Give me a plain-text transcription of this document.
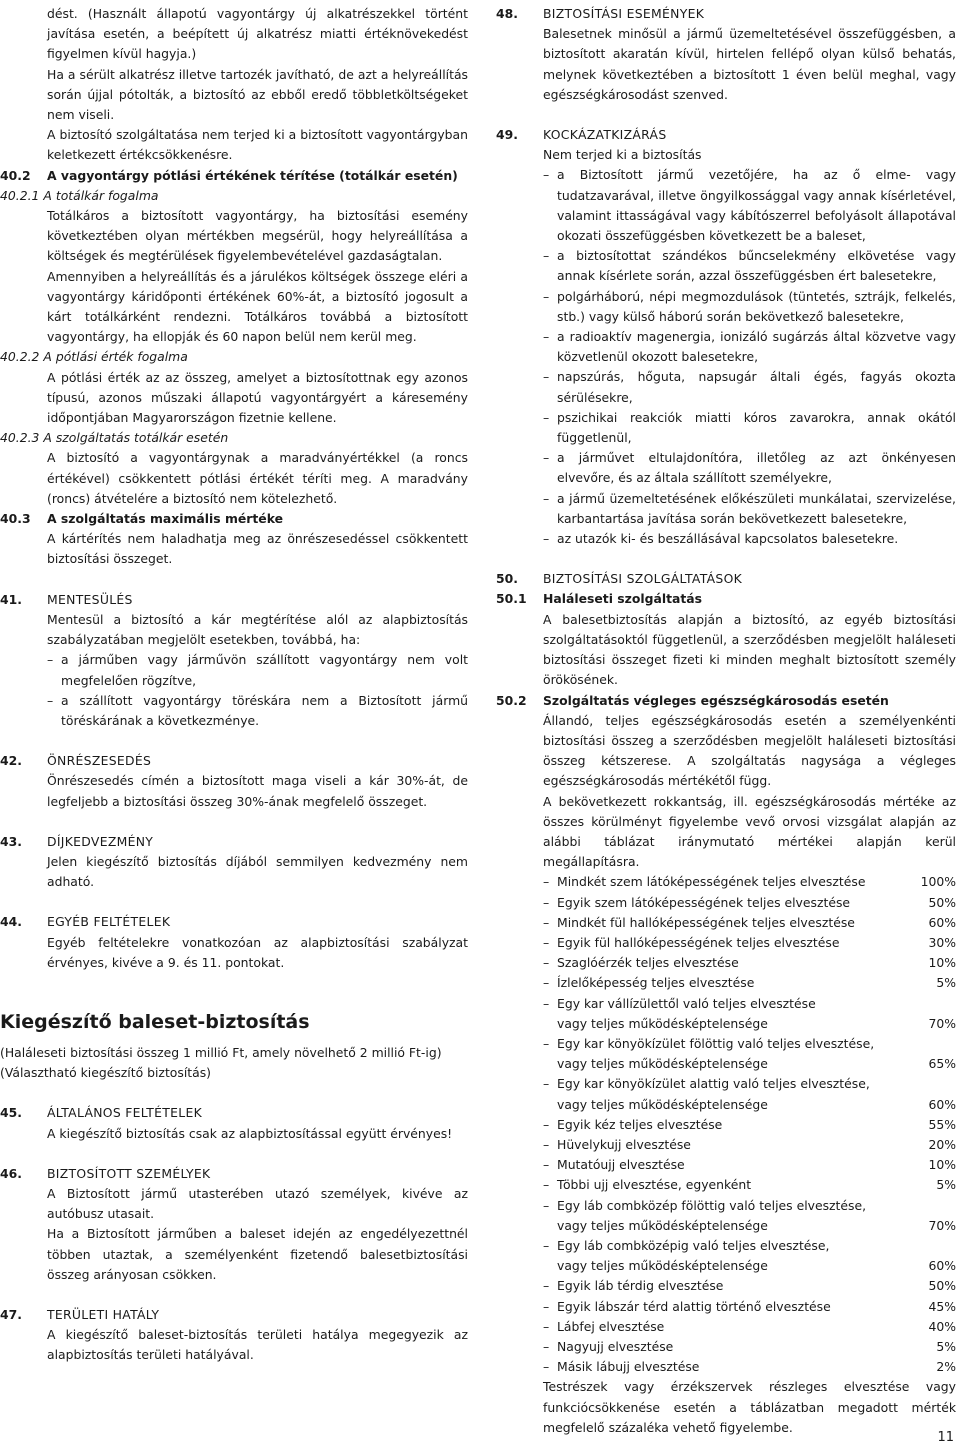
dést. (Használt állapotú vagyontárgy új alkatrészekkel történt javítása esetén, a beépített új alkatrész miatti értéknövekedést figyelmen kívül hagyja.)

Ha a sérült alkatrész illetve tartozék javítható, de azt a helyreállítás során újjal pótolták, a biztosító az ebből eredő többletköltségeket nem viseli.

A biztosító szolgáltatása nem terjed ki a biztosított vagyontárgyban keletkezett értékcsökkenésre.

40.2	A vagyontárgy pótlási értékének térítése (totálkár esetén)
40.2.1 A totálkár fogalma

Totálkáros a biztosított vagyontárgy, ha biztosítási esemény következtében olyan mértékben megsérül, hogy helyreállítása a költségek és megtérülések figyelembevételével gazdaságtalan.

Amennyiben a helyreállítás és a járulékos költségek összege eléri a vagyontárgy káridőponti értékének 60%-át, a biztosító jogosult a kárt totálkárként rendezni. Totálkáros továbbá a biztosított vagyontárgy, ha ellopják és 60 napon belül nem kerül meg.

40.2.2 A pótlási érték fogalma

A pótlási érték az az összeg, amelyet a biztosítottnak egy azonos típusú, azonos műszaki állapotú vagyontárgyért a káresemény időpontjában Magyarországon fizetnie kellene.

40.2.3 A szolgáltatás totálkár esetén

A biztosító a vagyontárgynak a maradványértékkel (a roncs értékével) csökkentett pótlási értékét téríti meg. A maradvány (roncs) átvételére a biztosító nem kötelezhető.

40.3	A szolgáltatás maximális mértéke

A kártérítés nem haladhatja meg az önrészesedéssel csökkentett biztosítási összeget.

41.	MENTESÜLÉS

Mentesül a biztosító a kár megtérítése alól az alapbiztosítás szabályzatában megjelölt esetekben, továbbá, ha:

– a járműben vagy járművön szállított vagyontárgy nem volt megfelelően rögzítve,
– a szállított vagyontárgy töréskára nem a Biztosított jármű töréskárának a következménye.
42.	ÖNRÉSZESEDÉS

Önrészesedés címén a biztosított maga viseli a kár 30%-át, de legfeljebb a biztosítási összeg 30%-ának megfelelő összeget.

43.	DÍJKEDVEZMÉNY

Jelen kiegészítő biztosítás díjából semmilyen kedvezmény nem adható.

44.	EGYÉB FELTÉTELEK

Egyéb feltételekre vonatkozóan az alapbiztosítási szabályzat érvényes, kivéve a 9. és 11. pontokat.

Kiegészítő baleset-biztosítás

(Haláleseti biztosítási összeg 1 millió Ft, amely növelhető 2 millió Ft-ig)

(Választható kiegészítő biztosítás)

45.	ÁLTALÁNOS FELTÉTELEK

A kiegészítő biztosítás csak az alapbiztosítással együtt érvényes!

46.	BIZTOSÍTOTT SZEMÉLYEK

A Biztosított jármű utasterében utazó személyek, kivéve az autóbusz utasait.

Ha a Biztosított járműben a baleset idején az engedélyezettnél többen utaztak, a személyenként fizetendő balesetbiztosítási összeg arányosan csökken.

47.	TERÜLETI HATÁLY

A kiegészítő baleset-biztosítás területi hatálya megegyezik az alapbiztosítás területi hatályával.

48.	BIZTOSÍTÁSI ESEMÉNYEK

Balesetnek minősül a jármű üzemeltetésével összefüggésben, a biztosított akaratán kívül, hirtelen fellépő olyan külső behatás, melynek következtében a biztosított 1 éven belül meghal, vagy egészségkárosodást szenved.

49.	KOCKÁZATKIZÁRÁS

Nem terjed ki a biztosítás

– a Biztosított jármű vezetőjére, ha az ő elme- vagy tudatzavarával, illetve öngyilkossággal vagy annak kísérletével, valamint ittasságával vagy kábítószerrel befolyásolt állapotával okozati összefüggésben következett be a baleset,
– a biztosítottat szándékos bűncselekmény elkövetése vagy annak kísérlete során, azzal összefüggésben ért balesetekre,
– polgárháború, népi megmozdulások (tüntetés, sztrájk, felkelés, stb.) vagy külső háború során bekövetkező balesetekre,
– a radioaktív magenergia, ionizáló sugárzás által közvetve vagy közvetlenül okozott balesetekre,
– napszúrás, hőguta, napsugár általi égés, fagyás okozta sérülésekre,
– pszichikai reakciók miatti kóros zavarokra, annak okától függetlenül,
– a járművet eltulajdonítóra, illetőleg az azt önkényesen elvevőre, és az általa szállított személyekre,
– a jármű üzemeltetésének előkészületi munkálatai, szervizelése, karbantartása javítása során bekövetkezett balesetekre,
– az utazók ki- és beszállásával kapcsolatos balesetekre.
50.	BIZTOSÍTÁSI SZOLGÁLTATÁSOK
50.1	Haláleseti szolgáltatás

A balesetbiztosítás alapján a biztosító, az egyéb biztosítási szolgáltatásoktól függetlenül, a szerződésben megjelölt haláleseti biztosítási összeget fizeti ki minden meghalt biztosított személy örökösének.

50.2	Szolgáltatás végleges egészségkárosodás esetén

Állandó, teljes egészségkárosodás esetén a személyenkénti biztosítási összeg a szerződésben megjelölt haláleseti biztosítási összeg kétszerese. A szolgáltatás nagysága a végleges egészségkárosodás mértékétől függ.

A bekövetkezett rokkantság, ill. egészségkárosodás mértéke az összes körülményt figyelembe vevő orvosi vizsgálat alapján az alábbi táblázat iránymutató mértékei alapján kerül megállapításra.

– Mindkét szem látóképességének teljes elvesztése	100%
– Egyik szem látóképességének teljes elvesztése	50%
– Mindkét fül hallóképességének teljes elvesztése	60%
– Egyik fül hallóképességének teljes elvesztése	30%
– Szaglóérzék teljes elvesztése	10%
– Ízlelőképesség teljes elvesztése	5%
– Egy kar vállízülettől való teljes elvesztése
vagy teljes működésképtelensége	70%
– Egy kar könyökízület fölöttig való teljes elvesztése,
vagy teljes működésképtelensége	65%
– Egy kar könyökízület alattig való teljes elvesztése,
vagy teljes működésképtelensége	60%
– Egyik kéz teljes elvesztése	55%
– Hüvelykujj elvesztése	20%
– Mutatóujj elvesztése	10%
– Többi ujj elvesztése, egyenként	5%
– Egy láb combközép fölöttig való teljes elvesztése,
vagy teljes működésképtelensége	70%
– Egy láb combközépig való teljes elvesztése,
vagy teljes működésképtelensége	60%
– Egyik láb térdig elvesztése	50%
– Egyik lábszár térd alattig történő elvesztése	45%
– Lábfej elvesztése	40%
– Nagyujj elvesztése	5%
– Másik lábujj elvesztése	2%

Testrészek vagy érzékszervek részleges elvesztése vagy funkciócsökkenése esetén a táblázatban megadott mérték megfelelő százaléka vehető figyelembe.

11
